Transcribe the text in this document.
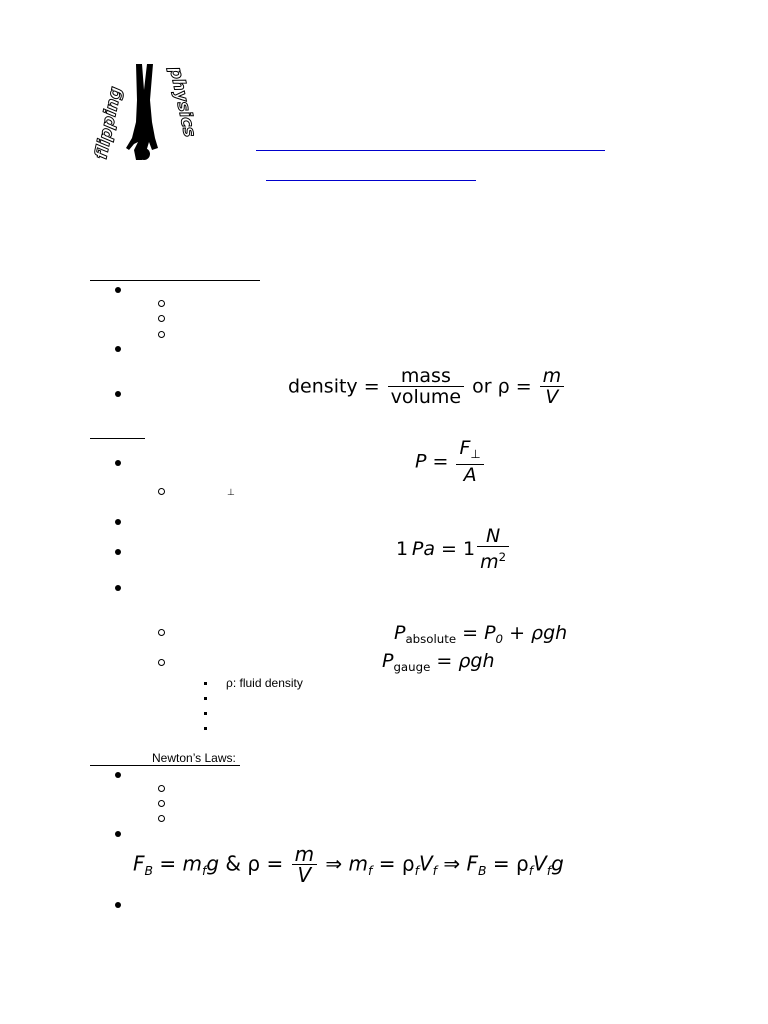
flipping physics
density = $\frac{\text{mass}}{\text{volume}}$ or $\rho = \frac{m}{V}$
$P = \frac{F_\perp}{A}$
⊥
1  $Pa = 1 \frac{N}{m^2}$
$P_{absolute} = P_0 + \rho gh$
$P_{gauge} = \rho gh$
ρ: fluid density
Newton’s Laws:
$F_B = m_fg$ & $\rho = \frac{m}{V}$ ⇒ $m_f = \rho_fV_f$ ⇒ $F_B = \rho_fV_fg$
